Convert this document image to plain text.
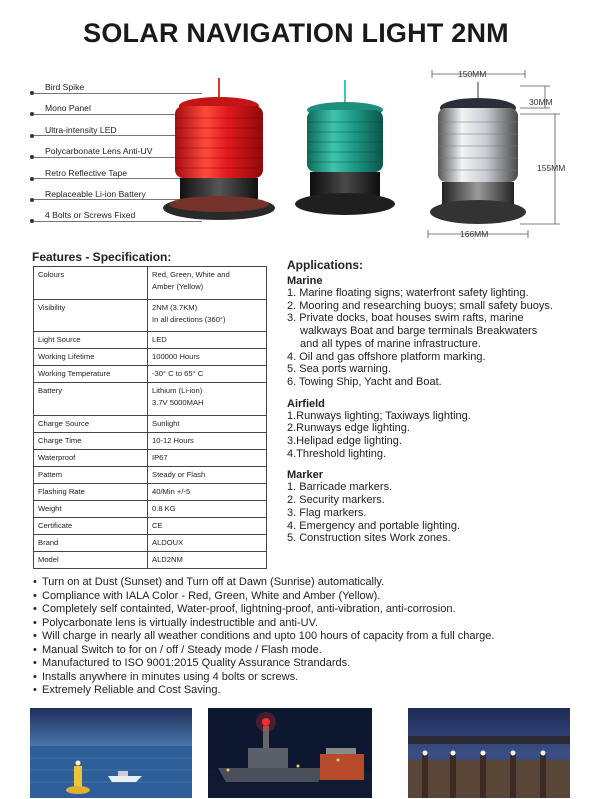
SOLAR NAVIGATION LIGHT 2NM
Bird Spike
Mono Panel
Ultra-intensity LED
Polycarbonate Lens Anti-UV
Retro Reflective Tape
Replaceable Li-ion Battery
4 Bolts or Screws Fixed
150MM
30MM
155MM
166MM
Features - Specification:
Colours	Red, Green, White and
Amber (Yellow)

Visibility	2NM (3.7KM)
In all directions (360°)

Light Source	LED
Working Lifetime	100000 Hours
Working Temperature	-30° C to 65° C
Battery	Lithium (Li-ion)
3.7V 5000MAH

Charge Source	Sunlight
Charge Time	10-12 Hours
Waterproof	IP67
Pattem	Steady or Flash
Flashing Rate	40/Min +/-5
Weight	0.8 KG
Certificate	CE
Brand	ALDOUX
Model	ALD2NM
Applications:
Marine
1. Marine floating signs; waterfront safety lighting.
2. Mooring and researching buoys; small safety buoys.
3. Private docks, boat houses swim rafts, marine
walkways Boat and barge terminals Breakwaters
and all types of marine infrastructure.
4. Oil and gas offshore platform marking.
5. Sea ports warning.
6. Towing Ship, Yacht and Boat.
Airfield
1.Runways lighting; Taxiways lighting.
2.Runways edge lighting.
3.Helipad edge lighting.
4.Threshold lighting.
Marker
1. Barricade markers.
2. Security markers.
3. Flag markers.
4. Emergency and portable lighting.
5. Construction sites Work zones.
• Turn on at Dust (Sunset) and Turn off at Dawn (Sunrise) automatically.
• Compliance with IALA Color - Red, Green, White and Amber (Yellow).
• Completely self containted, Water-proof, lightning-proof, anti-vibration, anti-corrosion.
• Polycarbonate lens is virtually indestructible and anti-UV.
• Will charge in nearly all weather conditions and upto 100 hours of capacity from a full charge.
• Manual Switch to for on / off / Steady mode / Flash mode.
• Manufactured to ISO 9001:2015 Quality Assurance Strandards.
• Installs anywhere in minutes using 4 bolts or screws.
• Extremely Reliable and Cost Saving.
